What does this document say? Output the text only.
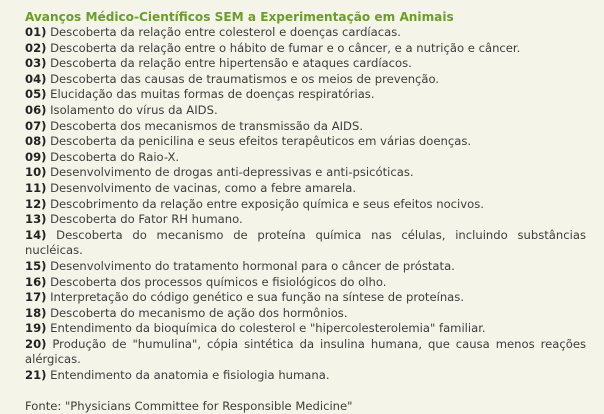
Avanços Médico-Científicos SEM a Experimentação em Animais
01) Descoberta da relação entre colesterol e doenças cardíacas.
02) Descoberta da relação entre o hábito de fumar e o câncer, e a nutrição e câncer.
03) Descoberta da relação entre hipertensão e ataques cardíacos.
04) Descoberta das causas de traumatismos e os meios de prevenção.
05) Elucidação das muitas formas de doenças respiratórias.
06) Isolamento do vírus da AIDS.
07) Descoberta dos mecanismos de transmissão da AIDS.
08) Descoberta da penicilina e seus efeitos terapêuticos em várias doenças.
09) Descoberta do Raio-X.
10) Desenvolvimento de drogas anti-depressivas e anti-psicóticas.
11) Desenvolvimento de vacinas, como a febre amarela.
12) Descobrimento da relação entre exposição química e seus efeitos nocivos.
13) Descoberta do Fator RH humano.
14) Descoberta do mecanismo de proteína química nas células, incluindo substâncias nucléicas.
15) Desenvolvimento do tratamento hormonal para o câncer de próstata.
16) Descoberta dos processos químicos e fisiológicos do olho.
17) Interpretação do código genético e sua função na síntese de proteínas.
18) Descoberta do mecanismo de ação dos hormônios.
19) Entendimento da bioquímica do colesterol e "hipercolesterolemia" familiar.
20) Produção de "humulina", cópia sintética da insulina humana, que causa menos reações alérgicas.
21) Entendimento da anatomia e fisiologia humana.
Fonte: "Physicians Committee for Responsible Medicine"
